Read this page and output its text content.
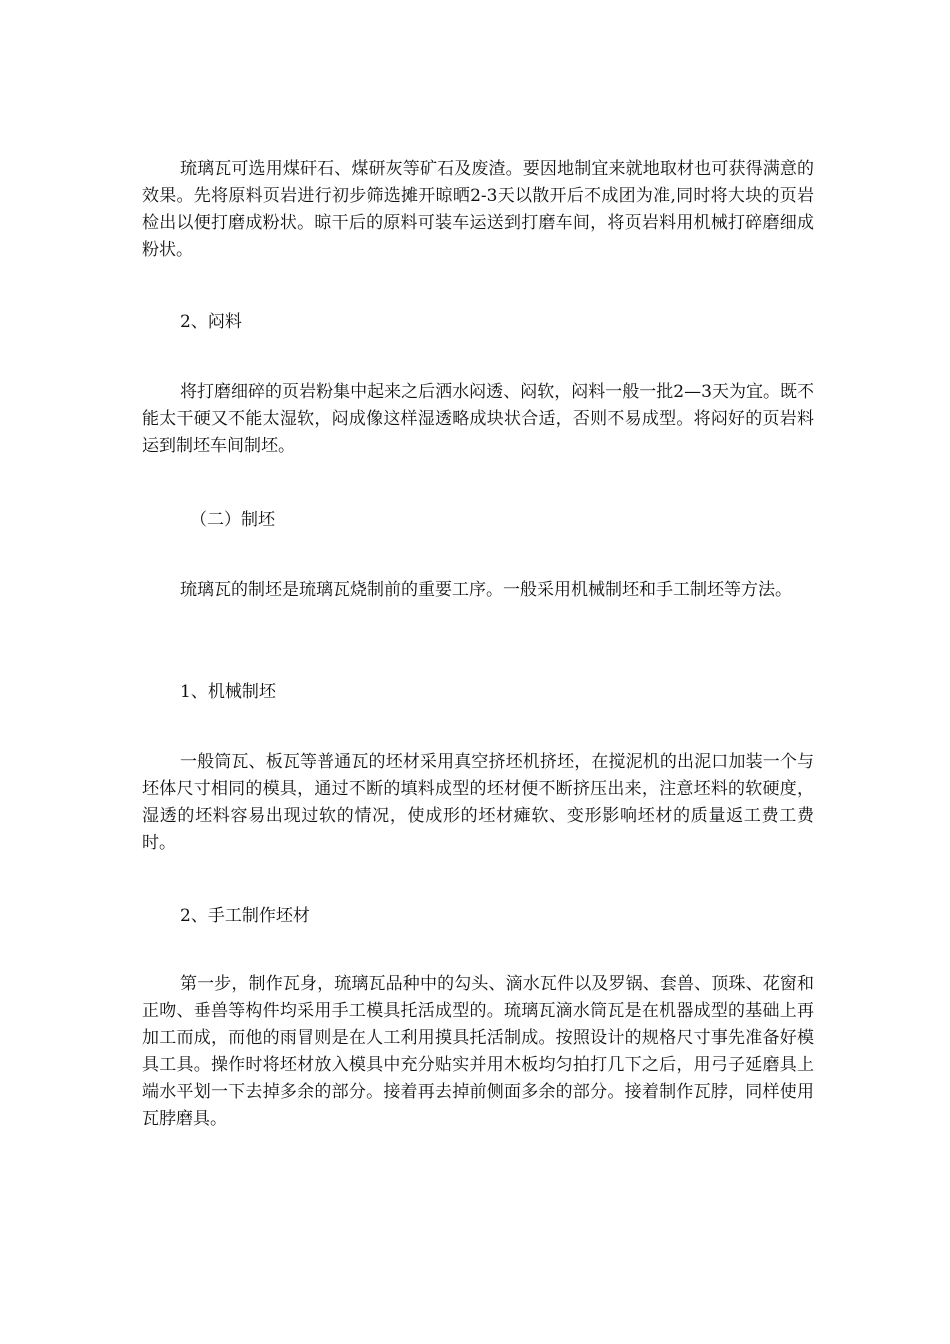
琉璃瓦可选用煤矸石、煤研灰等矿石及废渣。要因地制宜来就地取材也可获得满意的效果。先将原料页岩进行初步筛选摊开晾晒2-3天以散开后不成团为准,同时将大块的页岩检出以便打磨成粉状。晾干后的原料可装车运送到打磨车间，将页岩料用机械打碎磨细成粉状。

2、闷料

将打磨细碎的页岩粉集中起来之后洒水闷透、闷软，闷料一般一批2—3天为宜。既不能太干硬又不能太湿软，闷成像这样湿透略成块状合适，否则不易成型。将闷好的页岩料运到制坯车间制坯。

（二）制坯

琉璃瓦的制坯是琉璃瓦烧制前的重要工序。一般采用机械制坯和手工制坯等方法。

1、机械制坯

一般筒瓦、板瓦等普通瓦的坯材采用真空挤坯机挤坯，在搅泥机的出泥口加装一个与坯体尺寸相同的模具，通过不断的填料成型的坯材便不断挤压出来，注意坯料的软硬度，湿透的坯料容易出现过软的情况，使成形的坯材瘫软、变形影响坯材的质量返工费工费时。

2、手工制作坯材

第一步，制作瓦身，琉璃瓦品种中的勾头、滴水瓦件以及罗锅、套兽、顶珠、花窗和正吻、垂兽等构件均采用手工模具托活成型的。琉璃瓦滴水筒瓦是在机器成型的基础上再加工而成，而他的雨冒则是在人工利用摸具托活制成。按照设计的规格尺寸事先准备好模具工具。操作时将坯材放入模具中充分贴实并用木板均匀拍打几下之后，用弓子延磨具上端水平划一下去掉多余的部分。接着再去掉前侧面多余的部分。接着制作瓦脖，同样使用瓦脖磨具。
